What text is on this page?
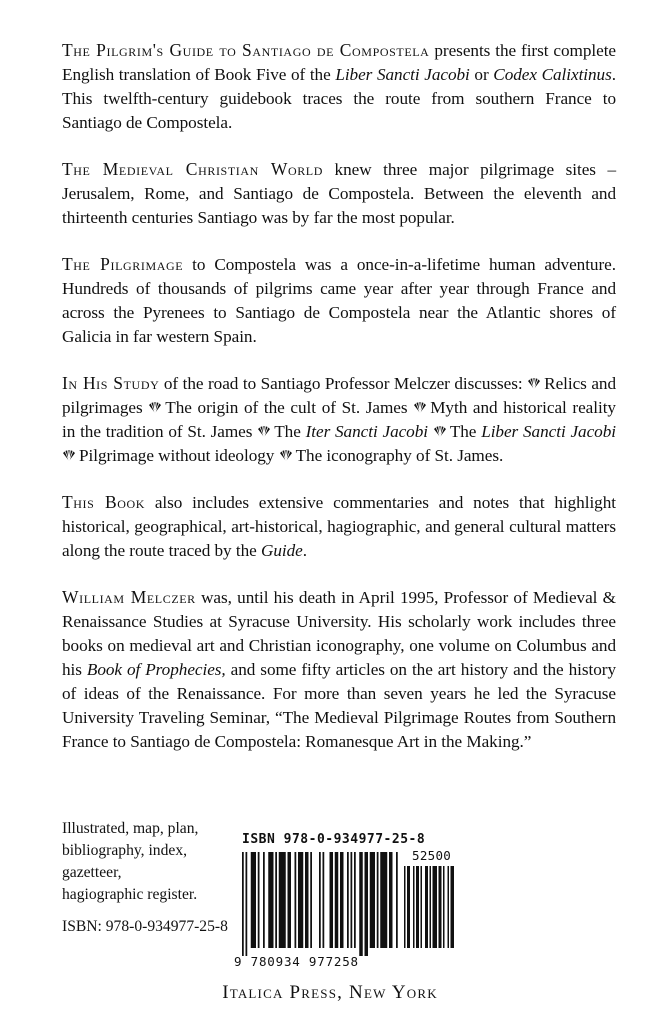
The Pilgrim's Guide to Santiago de Compostela presents the first complete English translation of Book Five of the Liber Sancti Jacobi or Codex Calixtinus. This twelfth-century guidebook traces the route from southern France to Santiago de Compostela.

The Medieval Christian World knew three major pilgrimage sites – Jerusalem, Rome, and Santiago de Compostela. Between the eleventh and thirteenth centuries Santiago was by far the most popular.

The Pilgrimage to Compostela was a once-in-a-lifetime human adventure. Hundreds of thousands of pilgrims came year after year through France and across the Pyrenees to Santiago de Compostela near the Atlantic shores of Galicia in far western Spain.

In His Study of the road to Santiago Professor Melczer discusses: Relics and pilgrimages The origin of the cult of St. James Myth and historical reality in the tradition of St. James The Iter Sancti Jacobi The Liber Sancti Jacobi Pilgrimage without ideology The iconography of St. James.

This Book also includes extensive commentaries and notes that highlight historical, geographical, art-historical, hagiographic, and general cultural matters along the route traced by the Guide.

William Melczer was, until his death in April 1995, Professor of Medieval & Renaissance Studies at Syracuse University. His scholarly work includes three books on medieval art and Christian iconography, one volume on Columbus and his Book of Prophecies, and some fifty articles on the art history and the history of ideas of the Renaissance. For more than seven years he led the Syracuse University Traveling Seminar, “The Medieval Pilgrimage Routes from Southern France to Santiago de Compostela: Romanesque Art in the Making.”

Illustrated, map, plan,
bibliography, index,
gazetteer,
hagiographic register.
ISBN: 978-0-934977-25-8
ISBN 978-0-934977-25-8
52500
9 780934 977258
Italica Press, New York
